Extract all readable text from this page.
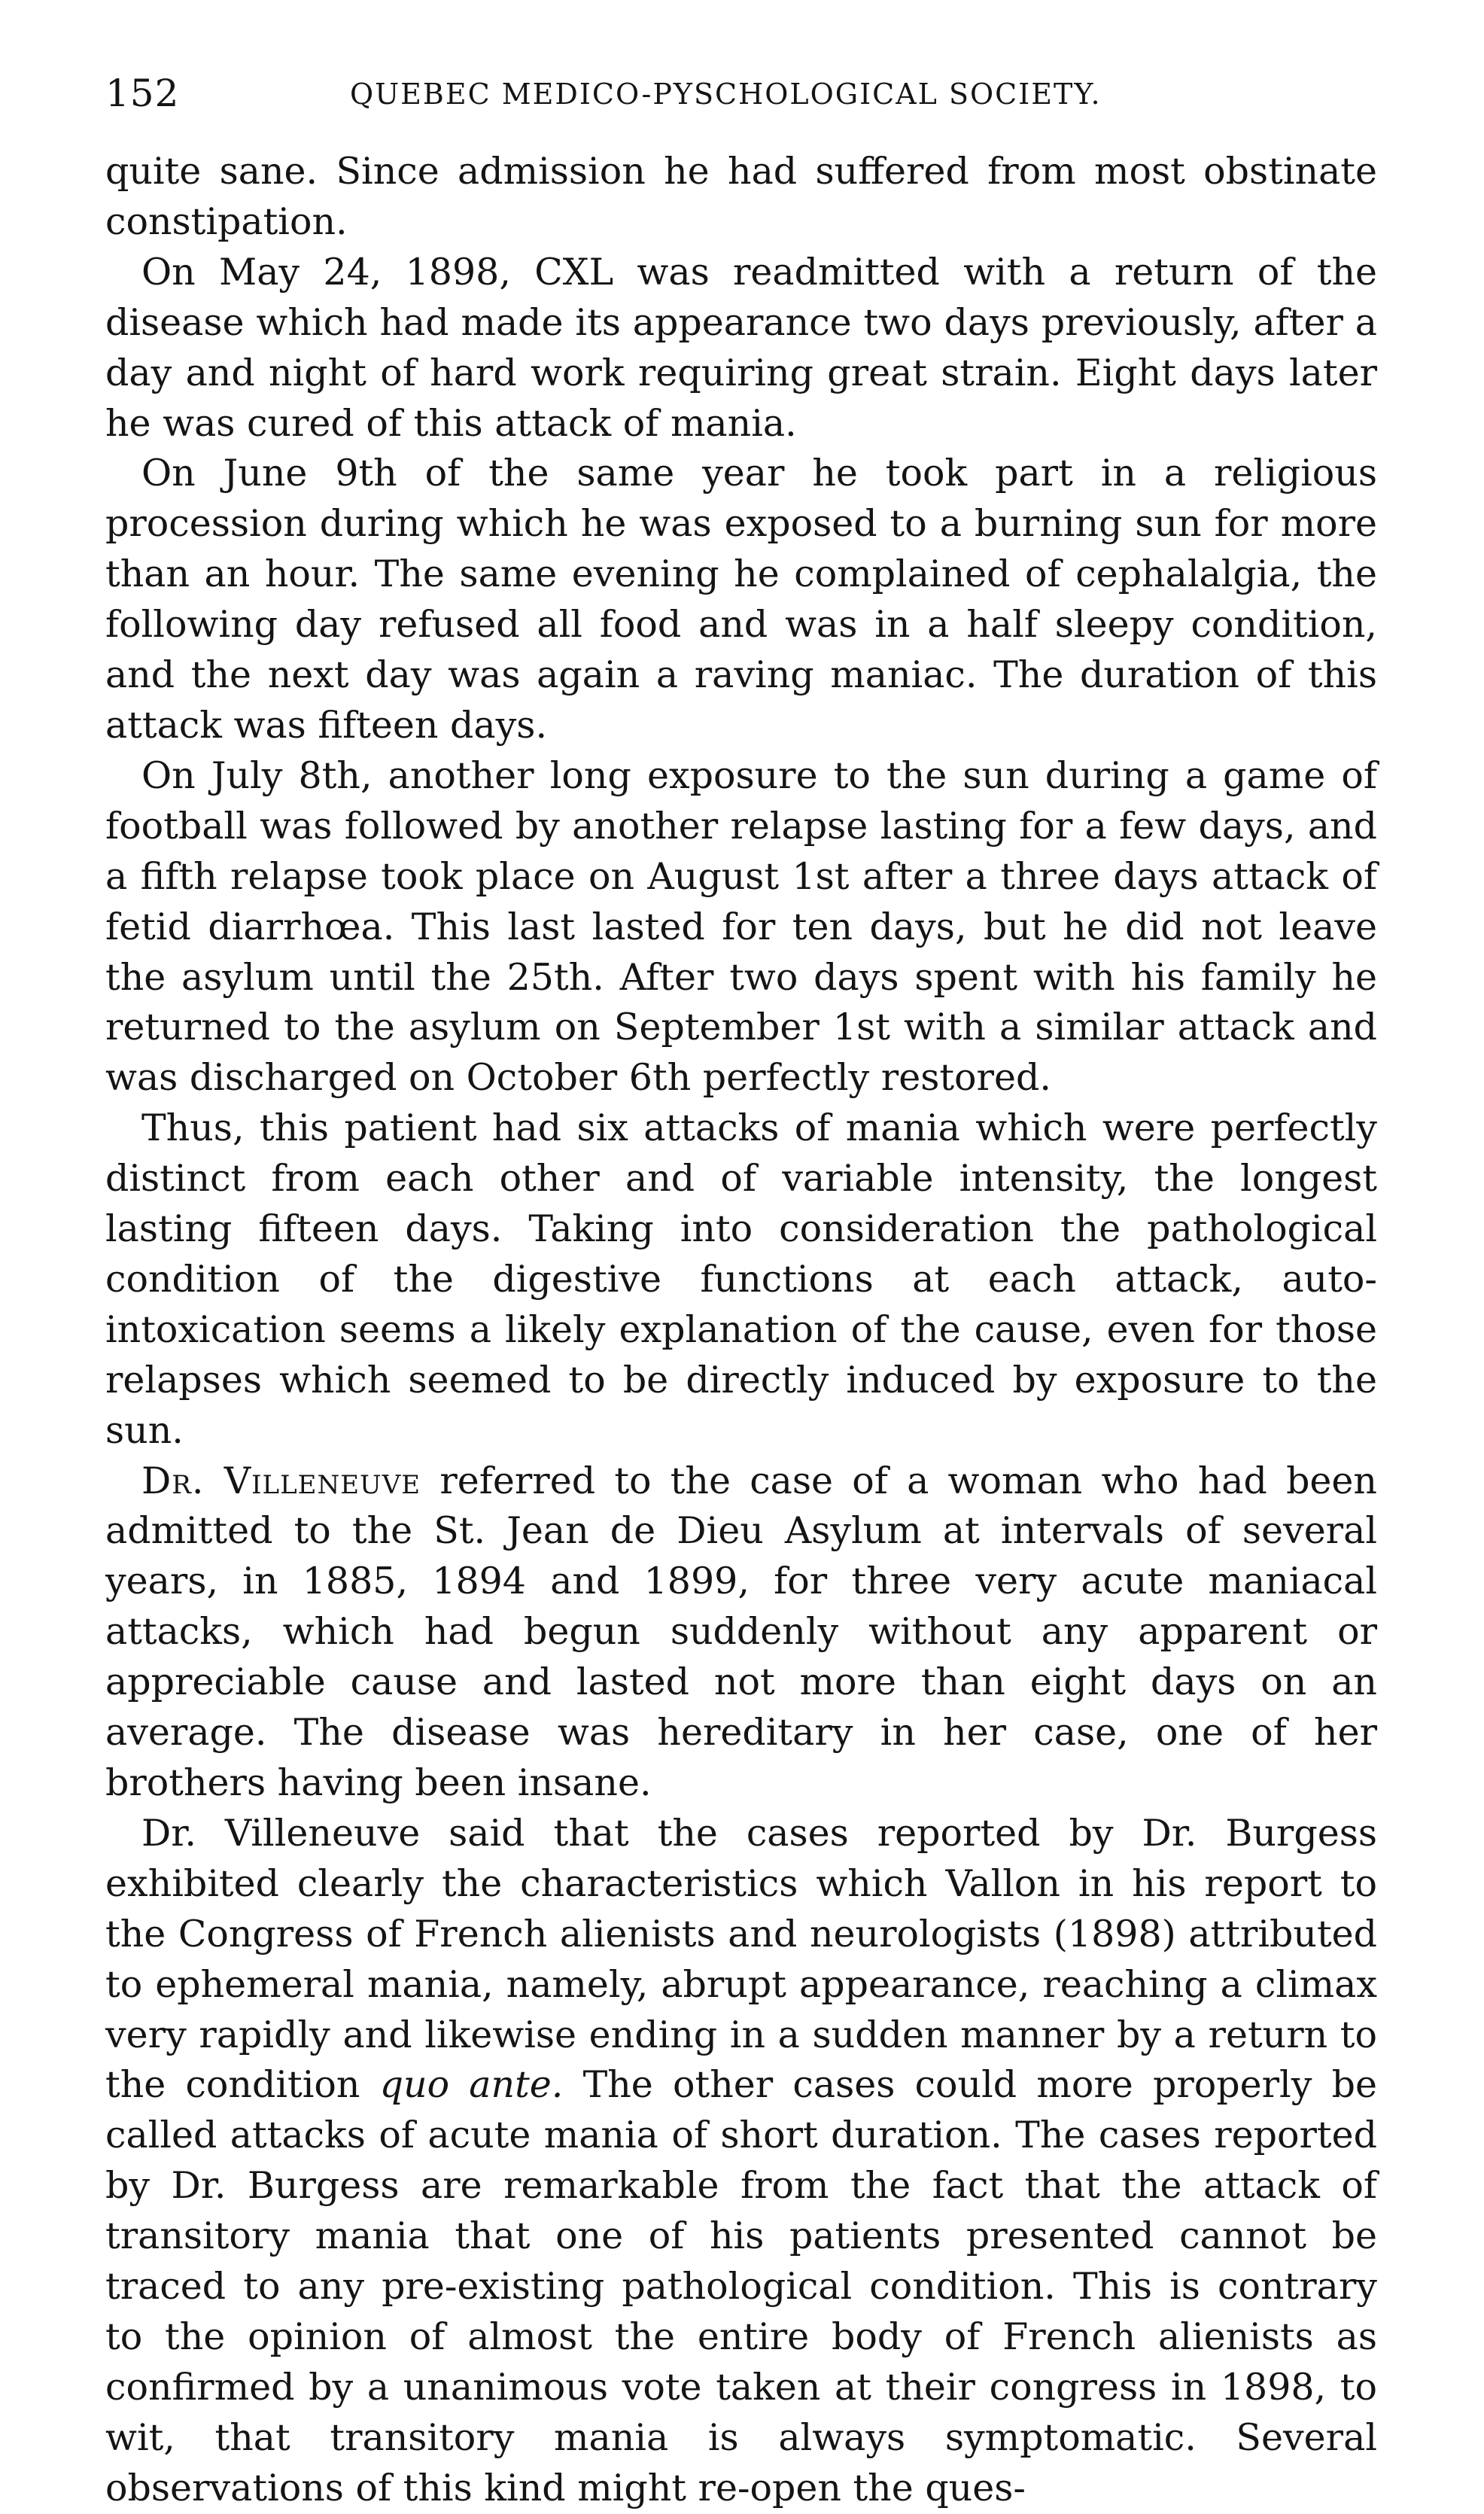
152	QUEBEC MEDICO-PYSCHOLOGICAL SOCIETY.

quite sane. Since admission he had suffered from most obstinate constipation.

On May 24, 1898, CXL was readmitted with a return of the disease which had made its appearance two days previously, after a day and night of hard work requiring great strain. Eight days later he was cured of this attack of mania.

On June 9th of the same year he took part in a religious procession during which he was exposed to a burning sun for more than an hour. The same evening he complained of cephalalgia, the following day refused all food and was in a half sleepy condition, and the next day was again a raving maniac. The duration of this attack was fifteen days.

On July 8th, another long exposure to the sun during a game of football was followed by another relapse lasting for a few days, and a fifth relapse took place on August 1st after a three days attack of fetid diarrhœa. This last lasted for ten days, but he did not leave the asylum until the 25th. After two days spent with his family he returned to the asylum on September 1st with a similar attack and was discharged on October 6th perfectly restored.

Thus, this patient had six attacks of mania which were perfectly distinct from each other and of variable intensity, the longest lasting fifteen days. Taking into consideration the pathological condition of the digestive functions at each attack, auto-intoxication seems a likely explanation of the cause, even for those relapses which seemed to be directly induced by exposure to the sun.

Dr. Villeneuve referred to the case of a woman who had been admitted to the St. Jean de Dieu Asylum at intervals of several years, in 1885, 1894 and 1899, for three very acute maniacal attacks, which had begun suddenly without any apparent or appreciable cause and lasted not more than eight days on an average. The disease was hereditary in her case, one of her brothers having been insane.

Dr. Villeneuve said that the cases reported by Dr. Burgess exhibited clearly the characteristics which Vallon in his report to the Congress of French alienists and neurologists (1898) attributed to ephemeral mania, namely, abrupt appearance, reaching a climax very rapidly and likewise ending in a sudden manner by a return to the condition quo ante. The other cases could more properly be called attacks of acute mania of short duration. The cases reported by Dr. Burgess are remarkable from the fact that the attack of transitory mania that one of his patients presented cannot be traced to any pre-existing pathological condition. This is contrary to the opinion of almost the entire body of French alienists as confirmed by a unanimous vote taken at their congress in 1898, to wit, that transitory mania is always symptomatic. Several observations of this kind might re-open the ques-
